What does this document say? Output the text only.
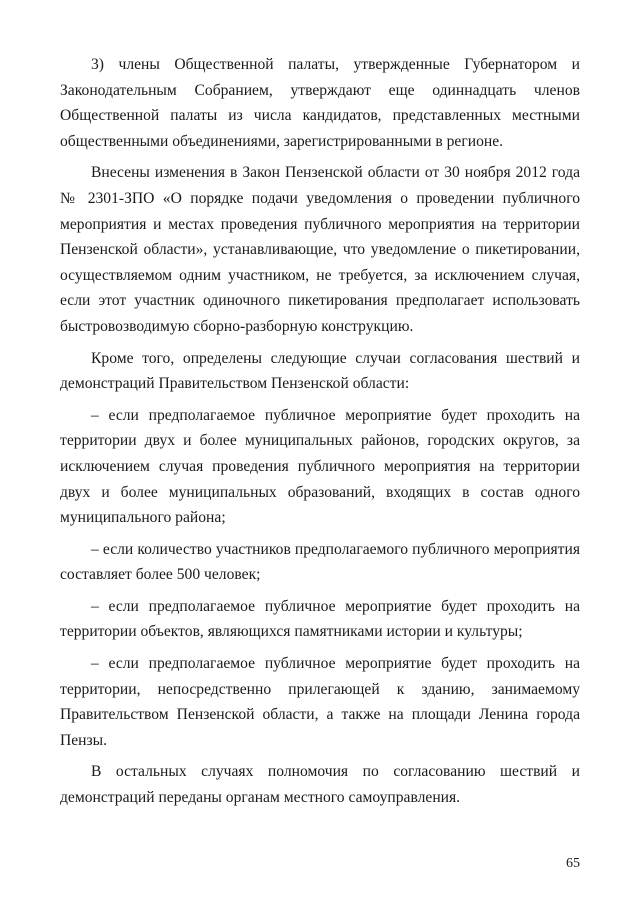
3) члены Общественной палаты, утвержденные Губернатором и Законодательным Собранием, утверждают еще одиннадцать членов Общественной палаты из числа кандидатов, представленных местными общественными объединениями, зарегистрированными в регионе.

Внесены изменения в Закон Пензенской области от 30 ноября 2012 года № 2301-ЗПО «О порядке подачи уведомления о проведении публичного мероприятия и местах проведения публичного мероприятия на территории Пензенской области», устанавливающие, что уведомление о пикетировании, осуществляемом одним участником, не требуется, за исключением случая, если этот участник одиночного пикетирования предполагает использовать быстровозводимую сборно-разборную конструкцию.

Кроме того, определены следующие случаи согласования шествий и демонстраций Правительством Пензенской области:

– если предполагаемое публичное мероприятие будет проходить на территории двух и более муниципальных районов, городских округов, за исключением случая проведения публичного мероприятия на территории двух и более муниципальных образований, входящих в состав одного муниципального района;

– если количество участников предполагаемого публичного мероприятия составляет более 500 человек;

– если предполагаемое публичное мероприятие будет проходить на территории объектов, являющихся памятниками истории и культуры;

– если предполагаемое публичное мероприятие будет проходить на территории, непосредственно прилегающей к зданию, занимаемому Правительством Пензенской области, а также на площади Ленина города Пензы.

В остальных случаях полномочия по согласованию шествий и демонстраций переданы органам местного самоуправления.

65
